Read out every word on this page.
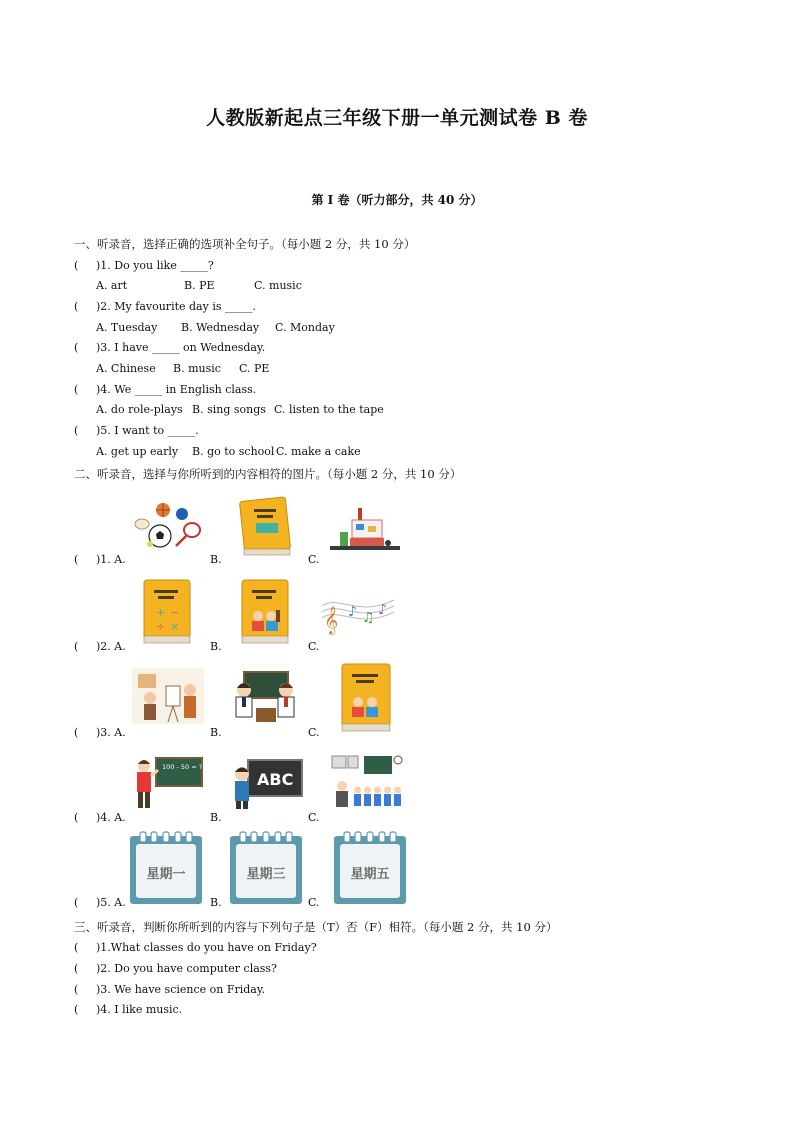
人教版新起点三年级下册一单元测试卷 B 卷
第 I 卷（听力部分，共 40 分）
一、听录音，选择正确的选项补全句子。（每小题 2 分，共 10 分）
( )1. Do you like _____?
A. art	B. PE	C. music
( )2. My favourite day is _____.
A. Tuesday B. Wednesday C. Monday
( )3. I have _____ on Wednesday.
A. Chinese B. music C. PE
( )4. We _____ in English class.
A. do role-plays B. sing songs C. listen to the tape
( )5. I want to _____.
A. get up early B. go to school C. make a cake
二、听录音，选择与你所听到的内容相符的图片。（每小题 2 分，共 10 分）
( )1. A.	B.	C.
( )2. A.	B.	C.
( )3. A.	B.	C.
( )4. A.	B.	C.
( )5. A.	B.	C.
+ −
÷ ×	𝄞 ♪ ♫ ♪
100 - 50 = ?
ABC
星期一	星期三	星期五
三、听录音，判断你所听到的内容与下列句子是（T）否（F）相符。（每小题 2 分，共 10 分）
( )1.What classes do you have on Friday?
( )2. Do you have computer class?
( )3. We have science on Friday.
( )4. I like music.
